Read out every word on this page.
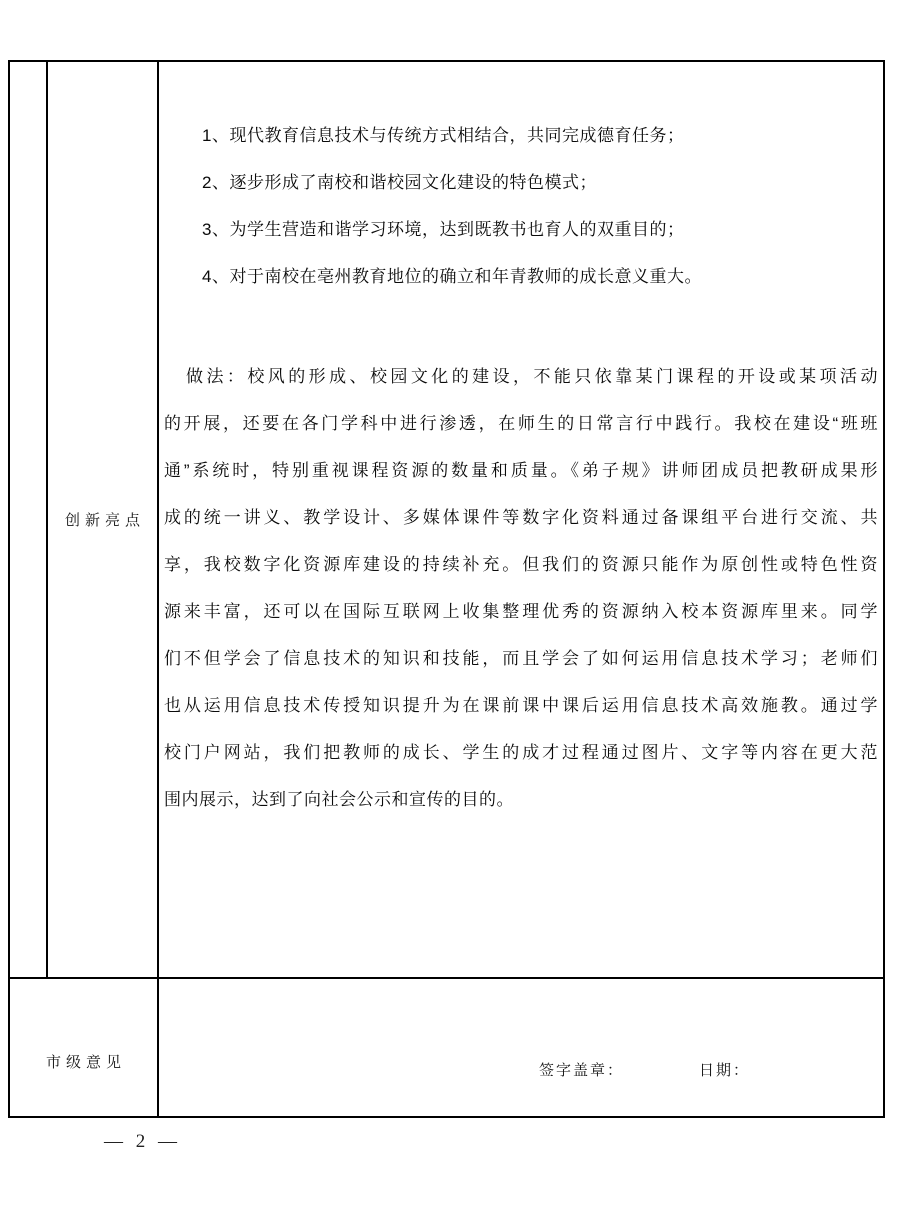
创新亮点
1、现代教育信息技术与传统方式相结合，共同完成德育任务；
2、逐步形成了南校和谐校园文化建设的特色模式；
3、为学生营造和谐学习环境，达到既教书也育人的双重目的；
4、对于南校在亳州教育地位的确立和年青教师的成长意义重大。
做法：校风的形成、校园文化的建设，不能只依靠某门课程的开设或某项活动
的开展，还要在各门学科中进行渗透，在师生的日常言行中践行。我校在建设“班班
通”系统时，特别重视课程资源的数量和质量。《弟子规》讲师团成员把教研成果形
成的统一讲义、教学设计、多媒体课件等数字化资料通过备课组平台进行交流、共
享，我校数字化资源库建设的持续补充。但我们的资源只能作为原创性或特色性资
源来丰富，还可以在国际互联网上收集整理优秀的资源纳入校本资源库里来。同学
们不但学会了信息技术的知识和技能，而且学会了如何运用信息技术学习；老师们
也从运用信息技术传授知识提升为在课前课中课后运用信息技术高效施教。通过学
校门户网站，我们把教师的成长、学生的成才过程通过图片、文字等内容在更大范
围内展示，达到了向社会公示和宣传的目的。
市级意见	签字盖章：	日期：
— 2 —
